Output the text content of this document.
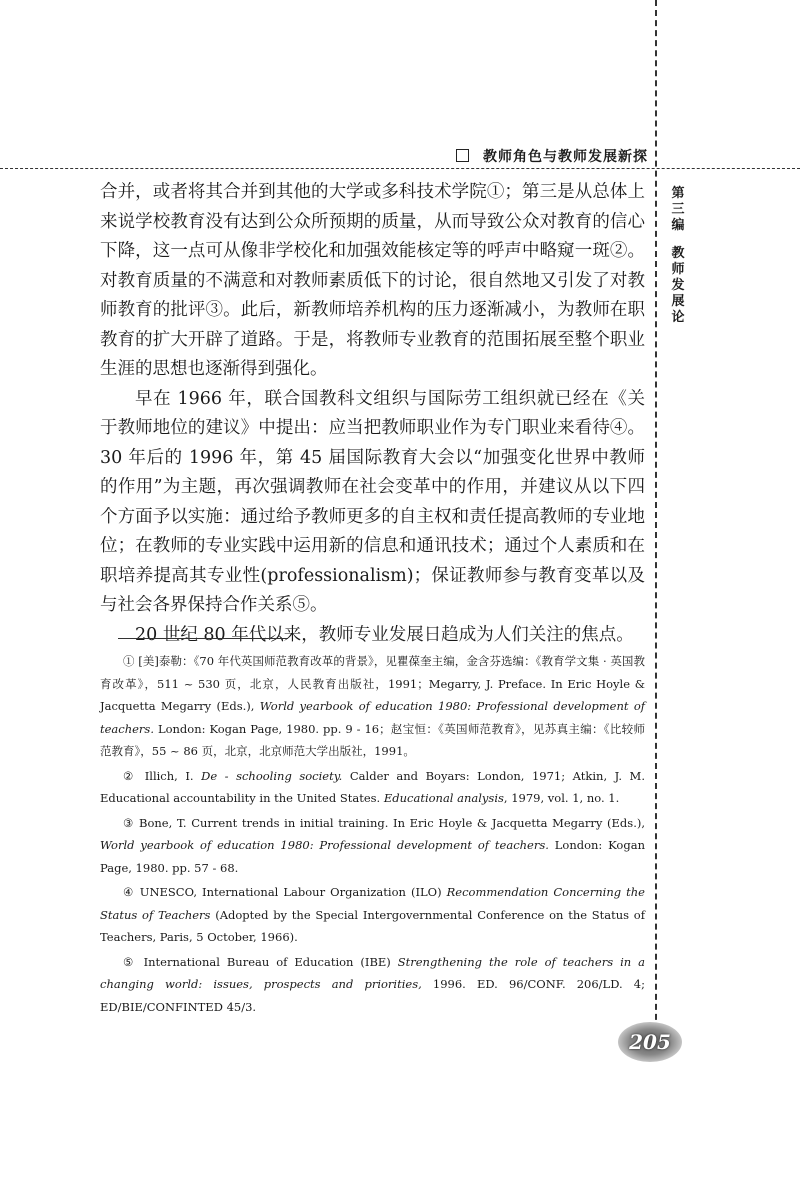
教师角色与教师发展新探
第
三
编
教
师
发
展
论

合并，或者将其合并到其他的大学或多科技术学院①；第三是从总体上来说学校教育没有达到公众所预期的质量，从而导致公众对教育的信心下降，这一点可从像非学校化和加强效能核定等的呼声中略窥一斑②。对教育质量的不满意和对教师素质低下的讨论，很自然地又引发了对教师教育的批评③。此后，新教师培养机构的压力逐渐减小，为教师在职教育的扩大开辟了道路。于是，将教师专业教育的范围拓展至整个职业生涯的思想也逐渐得到强化。

早在 1966 年，联合国教科文组织与国际劳工组织就已经在《关于教师地位的建议》中提出：应当把教师职业作为专门职业来看待④。30 年后的 1996 年，第 45 届国际教育大会以“加强变化世界中教师的作用”为主题，再次强调教师在社会变革中的作用，并建议从以下四个方面予以实施：通过给予教师更多的自主权和责任提高教师的专业地位；在教师的专业实践中运用新的信息和通讯技术；通过个人素质和在职培养提高其专业性(professionalism)；保证教师参与教育变革以及与社会各界保持合作关系⑤。

20 世纪 80 年代以来，教师专业发展日趋成为人们关注的焦点。

① [美]泰勒：《70 年代英国师范教育改革的背景》，见瞿葆奎主编，金含芬选编：《教育学文集 · 英国教育改革》，511 ~ 530 页，北京，人民教育出版社，1991；Megarry, J. Preface. In Eric Hoyle & Jacquetta Megarry (Eds.), World yearbook of education 1980: Professional development of teachers. London: Kogan Page, 1980. pp. 9 - 16；赵宝恒：《英国师范教育》，见苏真主编：《比较师范教育》，55 ~ 86 页，北京，北京师范大学出版社，1991。

② Illich, I. De - schooling society. Calder and Boyars: London, 1971; Atkin, J. M. Educational accountability in the United States. Educational analysis, 1979, vol. 1, no. 1.

③ Bone, T. Current trends in initial training. In Eric Hoyle & Jacquetta Megarry (Eds.), World yearbook of education 1980: Professional development of teachers. London: Kogan Page, 1980. pp. 57 - 68.

④ UNESCO, International Labour Organization (ILO) Recommendation Concerning the Status of Teachers (Adopted by the Special Intergovernmental Conference on the Status of Teachers, Paris, 5 October, 1966).

⑤ International Bureau of Education (IBE) Strengthening the role of teachers in a changing world: issues, prospects and priorities, 1996. ED. 96/CONF. 206/LD. 4; ED/BIE/CONFINTED 45/3.

205
